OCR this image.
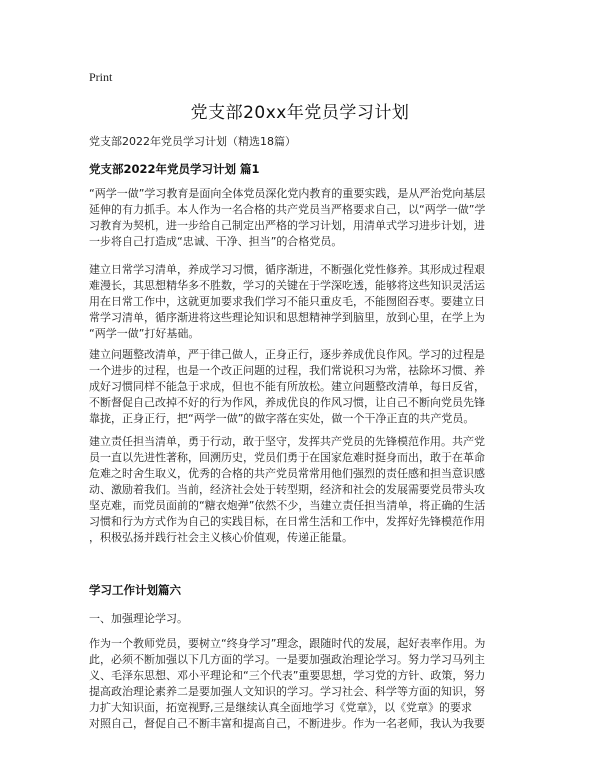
Print
党支部20xx年党员学习计划
党支部2022年党员学习计划（精选18篇）
党支部2022年党员学习计划 篇1
“两学一做”学习教育是面向全体党员深化党内教育的重要实践，是从严治党向基层
延伸的有力抓手。本人作为一名合格的共产党员当严格要求自己，以“两学一做”学
习教育为契机，进一步给自己制定出严格的学习计划，用清单式学习进步计划，进
一步将自己打造成“忠诚、干净、担当”的合格党员。
建立日常学习清单，养成学习习惯，循序渐进，不断强化党性修养。其形成过程艰
难漫长，其思想精华多不胜数，学习的关键在于学深吃透，能够将这些知识灵活运
用在日常工作中，这就更加要求我们学习不能只重皮毛，不能囫囵吞枣。要建立日
常学习清单，循序渐进将这些理论知识和思想精神学到脑里，放到心里，在学上为
“两学一做”打好基础。
建立问题整改清单，严于律己做人，正身正行，逐步养成优良作风。学习的过程是
一个进步的过程，也是一个改正问题的过程，我们常说积习为常，祛除坏习惯、养
成好习惯同样不能急于求成，但也不能有所放松。建立问题整改清单，每日反省，
不断督促自己改掉不好的行为作风，养成优良的作风习惯，让自己不断向党员先锋
靠拢，正身正行，把“两学一做”的做字落在实处，做一个干净正直的共产党员。
建立责任担当清单，勇于行动，敢于坚守，发挥共产党员的先锋模范作用。共产党
员一直以先进性著称，回溯历史，党员们勇于在国家危难时挺身而出，敢于在革命
危难之时舍生取义，优秀的合格的共产党员常常用他们强烈的责任感和担当意识感
动、激励着我们。当前，经济社会处于转型期，经济和社会的发展需要党员带头攻
坚克难，而党员面前的“糖衣炮弹”依然不少，当建立责任担当清单，将正确的生活
习惯和行为方式作为自己的实践目标，在日常生活和工作中，发挥好先锋模范作用
，积极弘扬并践行社会主义核心价值观，传递正能量。
学习工作计划篇六
一、加强理论学习。
作为一个教师党员，要树立“终身学习”理念，跟随时代的发展，起好表率作用。为
此，必须不断加强以下几方面的学习。一是要加强政治理论学习。努力学习马列主
义、毛泽东思想、邓小平理论和“三个代表”重要思想，学习党的方针、政策，努力
提高政治理论素养二是要加强人文知识的学习。学习社会、科学等方面的知识，努
力扩大知识面，拓宽视野,三是继续认真全面地学习《党章》，以《党章》的要求
对照自己，督促自己不断丰富和提高自己，不断进步。作为一名老师，我认为我要
